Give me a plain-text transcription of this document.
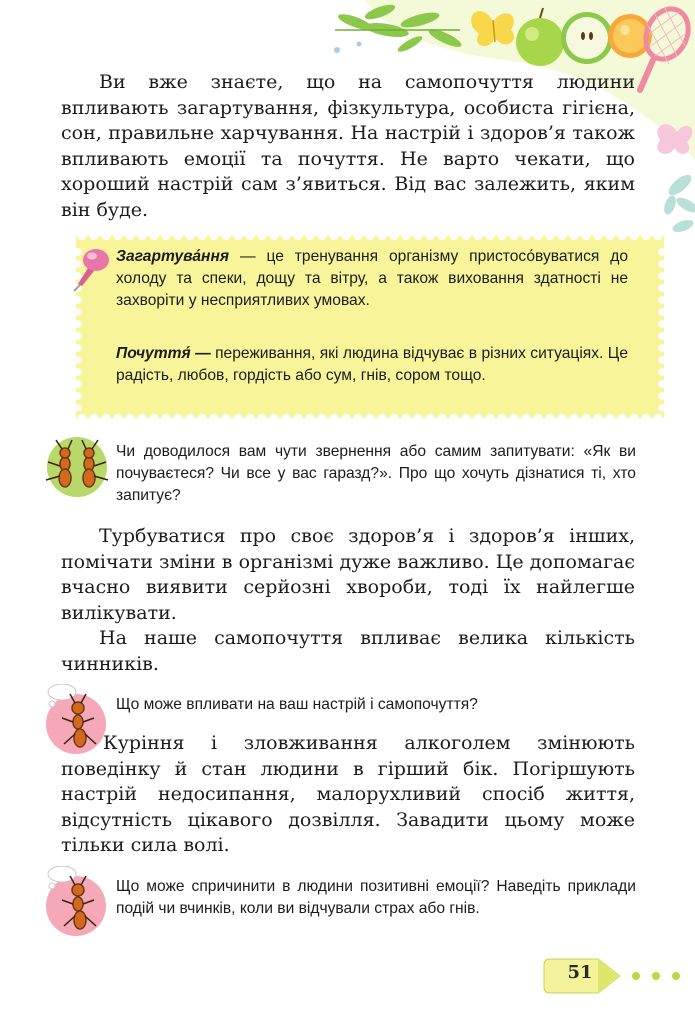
Ви вже знаєте, що на самопочуття людини впливають загартування, фізкультура, особиста гігієна, сон, правильне харчування. На настрій і здоров’я також впливають емоції та почуття. Не варто чекати, що хороший настрій сам з’явиться. Від вас залежить, яким він буде.

Загартува́ння — це тренування організму пристосо́вуватися до холоду та спеки, дощу та вітру, а також виховання здатності не захворіти у несприятливих умовах.
Почуття́ — переживання, які людина відчуває в різних ситуаціях. Це радість, любов, гордість або сум, гнів, сором тощо.
Чи доводилося вам чути звернення або самим запитувати: «Як ви почуваєтеся? Чи все у вас гаразд?». Про що хочуть дізнатися ті, хто запитує?

Турбуватися про своє здоров’я і здоров’я інших, помічати зміни в організмі дуже важливо. Це допомагає вчасно виявити серйозні хвороби, тоді їх найлегше вилікувати.

На наше самопочуття впливає велика кількість чинників.

Що може впливати на ваш настрій і самопочуття?

Куріння і зловживання алкоголем змінюють поведінку й стан людини в гірший бік. Погіршують настрій недосипання, малорухливий спосіб життя, відсутність цікавого дозвілля. Завадити цьому може тільки сила волі.

Що може спричинити в людини позитивні емоції? Наведіть приклади подій чи вчинків, коли ви відчували страх або гнів.
51
